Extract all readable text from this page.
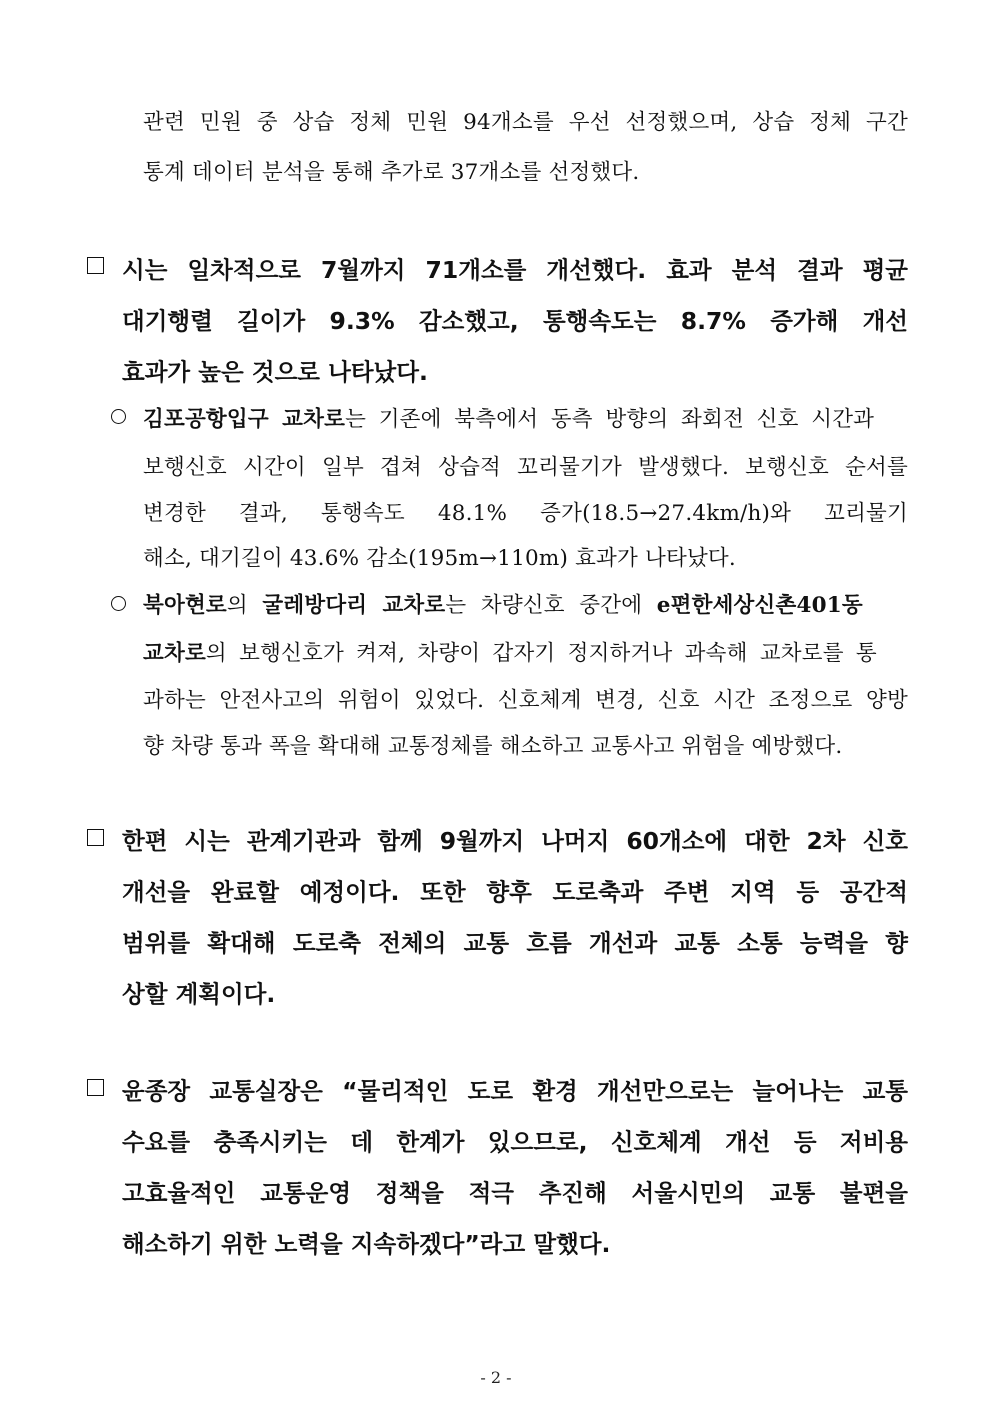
관련 민원 중 상습 정체 민원 94개소를 우선 선정했으며, 상습 정체 구간
통계 데이터 분석을 통해 추가로 37개소를 선정했다.
시는 일차적으로 7월까지 71개소를 개선했다. 효과 분석 결과 평균
대기행렬 길이가 9.3% 감소했고, 통행속도는 8.7% 증가해 개선
효과가 높은 것으로 나타났다.
김포공항입구 교차로는 기존에 북측에서 동측 방향의 좌회전 신호 시간과
보행신호 시간이 일부 겹쳐 상습적 꼬리물기가 발생했다. 보행신호 순서를
변경한 결과, 통행속도 48.1% 증가(18.5→27.4km/h)와 꼬리물기
해소, 대기길이 43.6% 감소(195m→110m) 효과가 나타났다.
북아현로의 굴레방다리 교차로는 차량신호 중간에 e편한세상신촌401동
교차로의 보행신호가 켜져, 차량이 갑자기 정지하거나 과속해 교차로를 통
과하는 안전사고의 위험이 있었다. 신호체계 변경, 신호 시간 조정으로 양방
향 차량 통과 폭을 확대해 교통정체를 해소하고 교통사고 위험을 예방했다.
한편 시는 관계기관과 함께 9월까지 나머지 60개소에 대한 2차 신호
개선을 완료할 예정이다. 또한 향후 도로축과 주변 지역 등 공간적
범위를 확대해 도로축 전체의 교통 흐름 개선과 교통 소통 능력을 향
상할 계획이다.
윤종장 교통실장은 “물리적인 도로 환경 개선만으로는 늘어나는 교통
수요를 충족시키는 데 한계가 있으므로, 신호체계 개선 등 저비용
고효율적인 교통운영 정책을 적극 추진해 서울시민의 교통 불편을
해소하기 위한 노력을 지속하겠다”라고 말했다.
- 2 -
